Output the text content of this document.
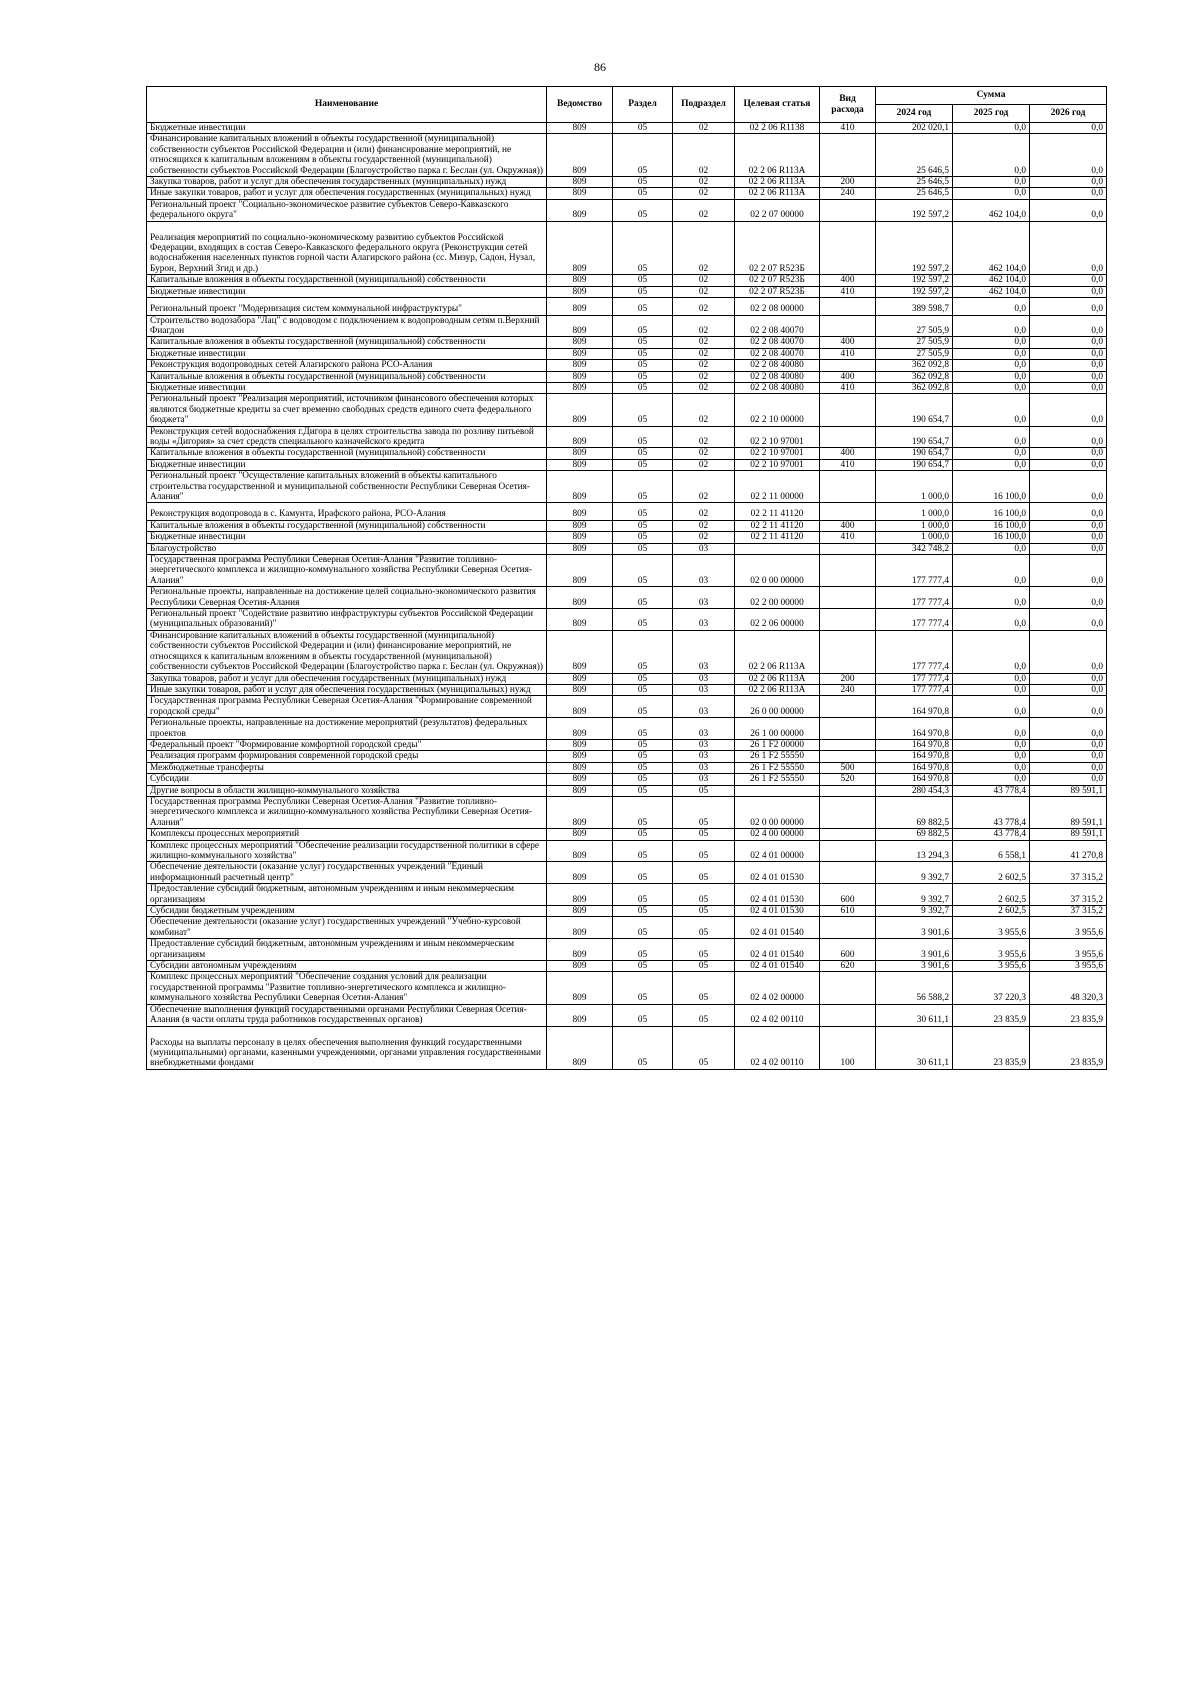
86
Наименование	Ведомство	Раздел	Подраздел	Целевая статья	Вид расхода	Сумма		
						2024 год	2025 год	2026 год
Бюджетные инвестиции	809	05	02	02 2 06 R1138	410	202 020,1	0,0	0,0
Финансирование капитальных вложений в объекты государственной (муниципальной) собственности субъектов Российской Федерации и (или) финансирование мероприятий, не относящихся к капитальным вложениям в объекты государственной (муниципальной) собственности субъектов Российской Федерации (Благоустройство парка г. Беслан (ул. Окружная))	809	05	02	02 2 06 R113А		25 646,5	0,0	0,0
Закупка товаров, работ и услуг для обеспечения государственных (муниципальных) нужд	809	05	02	02 2 06 R113А	200	25 646,5	0,0	0,0
Иные закупки товаров, работ и услуг для обеспечения государственных (муниципальных) нужд	809	05	02	02 2 06 R113А	240	25 646,5	0,0	0,0
Региональный проект "Социально-экономическое развитие субъектов Северо-Кавказского федерального округа"	809	05	02	02 2 07 00000		192 597,2	462 104,0	0,0
Реализация мероприятий по социально-экономическому развитию субъектов Российской Федерации, входящих в состав Северо-Кавказского федерального округа (Реконструкция сетей водоснабжения населенных пунктов горной части Алагирского района (сс. Мизур, Садон, Нузал, Бурон, Верхний Згид и др.)	809	05	02	02 2 07 R523Б		192 597,2	462 104,0	0,0
Капитальные вложения в объекты государственной (муниципальной) собственности	809	05	02	02 2 07 R523Б	400	192 597,2	462 104,0	0,0
Бюджетные инвестиции	809	05	02	02 2 07 R523Б	410	192 597,2	462 104,0	0,0
Региональный проект "Модернизация систем коммунальной инфраструктуры"	809	05	02	02 2 08 00000		389 598,7	0,0	0,0
Строительство водозабора "Лац" с водоводом с подключением к водопроводным сетям п.Верхний Фиагдон	809	05	02	02 2 08 40070		27 505,9	0,0	0,0
Капитальные вложения в объекты государственной (муниципальной) собственности	809	05	02	02 2 08 40070	400	27 505,9	0,0	0,0
Бюджетные инвестиции	809	05	02	02 2 08 40070	410	27 505,9	0,0	0,0
Реконструкция водопроводных сетей Алагирского района РСО-Алания	809	05	02	02 2 08 40080		362 092,8	0,0	0,0
Капитальные вложения в объекты государственной (муниципальной) собственности	809	05	02	02 2 08 40080	400	362 092,8	0,0	0,0
Бюджетные инвестиции	809	05	02	02 2 08 40080	410	362 092,8	0,0	0,0
Региональный проект "Реализация мероприятий, источником финансового обеспечения которых являются бюджетные кредиты за счет временно свободных средств единого счета федерального бюджета"	809	05	02	02 2 10 00000		190 654,7	0,0	0,0
Реконструкция сетей водоснабжения г.Дигора в целях строительства завода по розливу питьевой воды «Дигория» за счет средств специального казначейского кредита	809	05	02	02 2 10 97001		190 654,7	0,0	0,0
Капитальные вложения в объекты государственной (муниципальной) собственности	809	05	02	02 2 10 97001	400	190 654,7	0,0	0,0
Бюджетные инвестиции	809	05	02	02 2 10 97001	410	190 654,7	0,0	0,0
Региональный проект "Осуществление капитальных вложений в объекты капитального строительства государственной и муниципальной собственности Республики Северная Осетия-Алания"	809	05	02	02 2 11 00000		1 000,0	16 100,0	0,0
Реконструкция водопровода в с. Камунта, Ирафского района, РСО-Алания	809	05	02	02 2 11 41120		1 000,0	16 100,0	0,0
Капитальные вложения в объекты государственной (муниципальной) собственности	809	05	02	02 2 11 41120	400	1 000,0	16 100,0	0,0
Бюджетные инвестиции	809	05	02	02 2 11 41120	410	1 000,0	16 100,0	0,0
Благоустройство	809	05	03			342 748,2	0,0	0,0
Государственная программа Республики Северная Осетия-Алания "Развитие топливно-энергетического комплекса и жилищно-коммунального хозяйства Республики Северная Осетия-Алания"	809	05	03	02 0 00 00000		177 777,4	0,0	0,0
Региональные проекты, направленные на достижение целей социально-экономического развития Республики Северная Осетия-Алания	809	05	03	02 2 00 00000		177 777,4	0,0	0,0
Региональный проект "Содействие развитию инфраструктуры субъектов Российской Федерации (муниципальных образований)"	809	05	03	02 2 06 00000		177 777,4	0,0	0,0
Финансирование капитальных вложений в объекты государственной (муниципальной) собственности субъектов Российской Федерации и (или) финансирование мероприятий, не относящихся к капитальным вложениям в объекты государственной (муниципальной) собственности субъектов Российской Федерации (Благоустройство парка г. Беслан (ул. Окружная))	809	05	03	02 2 06 R113А		177 777,4	0,0	0,0
Закупка товаров, работ и услуг для обеспечения государственных (муниципальных) нужд	809	05	03	02 2 06 R113А	200	177 777,4	0,0	0,0
Иные закупки товаров, работ и услуг для обеспечения государственных (муниципальных) нужд	809	05	03	02 2 06 R113А	240	177 777,4	0,0	0,0
Государственная программа Республики Северная Осетия-Алания "Формирование современной городской среды"	809	05	03	26 0 00 00000		164 970,8	0,0	0,0
Региональные проекты, направленные на достижение мероприятий (результатов) федеральных проектов	809	05	03	26 1 00 00000		164 970,8	0,0	0,0
Федеральный проект "Формирование комфортной городской среды"	809	05	03	26 1 F2 00000		164 970,8	0,0	0,0
Реализация программ формирования современной городской среды	809	05	03	26 1 F2 55550		164 970,8	0,0	0,0
Межбюджетные трансферты	809	05	03	26 1 F2 55550	500	164 970,8	0,0	0,0
Субсидии	809	05	03	26 1 F2 55550	520	164 970,8	0,0	0,0
Другие вопросы в области жилищно-коммунального хозяйства	809	05	05			280 454,3	43 778,4	89 591,1
Государственная программа Республики Северная Осетия-Алания "Развитие топливно-энергетического комплекса и жилищно-коммунального хозяйства Республики Северная Осетия-Алания"	809	05	05	02 0 00 00000		69 882,5	43 778,4	89 591,1
Комплексы процессных мероприятий	809	05	05	02 4 00 00000		69 882,5	43 778,4	89 591,1
Комплекс процессных мероприятий "Обеспечение реализации государственной политики в сфере жилищно-коммунального хозяйства"	809	05	05	02 4 01 00000		13 294,3	6 558,1	41 270,8
Обеспечение деятельности (оказание услуг) государственных учреждений "Единый информационный расчетный центр"	809	05	05	02 4 01 01530		9 392,7	2 602,5	37 315,2
Предоставление субсидий бюджетным, автономным учреждениям и иным некоммерческим организациям	809	05	05	02 4 01 01530	600	9 392,7	2 602,5	37 315,2
Субсидии бюджетным учреждениям	809	05	05	02 4 01 01530	610	9 392,7	2 602,5	37 315,2
Обеспечение деятельности (оказание услуг) государственных учреждений "Учебно-курсовой комбинат"	809	05	05	02 4 01 01540		3 901,6	3 955,6	3 955,6
Предоставление субсидий бюджетным, автономным учреждениям и иным некоммерческим организациям	809	05	05	02 4 01 01540	600	3 901,6	3 955,6	3 955,6
Субсидии автономным учреждениям	809	05	05	02 4 01 01540	620	3 901,6	3 955,6	3 955,6
Комплекс процессных мероприятий "Обеспечение создания условий для реализации государственной программы "Развитие топливно-энергетического комплекса и жилищно-коммунального хозяйства Республики Северная Осетия-Алания"	809	05	05	02 4 02 00000		56 588,2	37 220,3	48 320,3
Обеспечение выполнения функций государственными органами Республики Северная Осетия-Алания (в части оплаты труда работников государственных органов)	809	05	05	02 4 02 00110		30 611,1	23 835,9	23 835,9
Расходы на выплаты персоналу в целях обеспечения выполнения функций государственными (муниципальными) органами, казенными учреждениями, органами управления государственными внебюджетными фондами	809	05	05	02 4 02 00110	100	30 611,1	23 835,9	23 835,9
